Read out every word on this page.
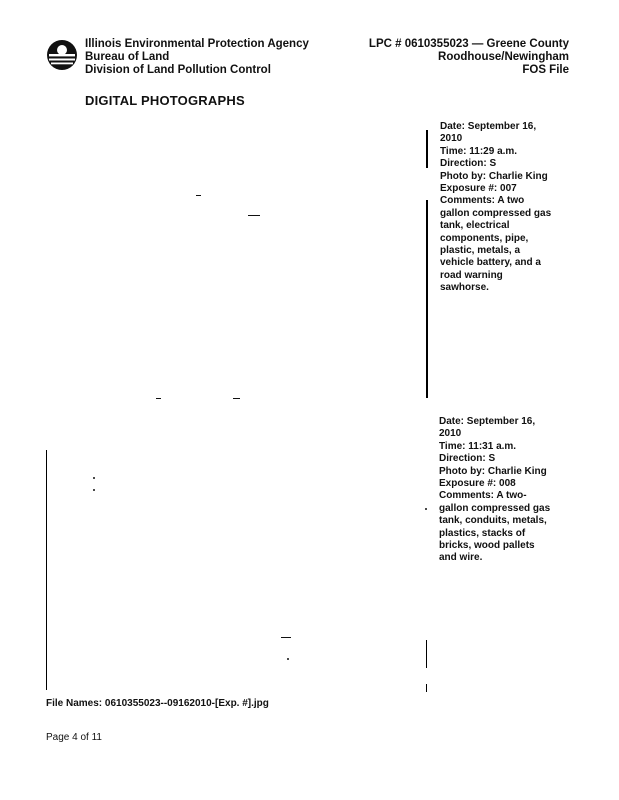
Illinois Environmental Protection Agency
Bureau of Land
Division of Land Pollution Control
LPC # 0610355023 — Greene County
Roodhouse/Newingham
FOS File
DIGITAL PHOTOGRAPHS
Date: September 16,
2010
Time: 11:29 a.m.
Direction: S
Photo by: Charlie King
Exposure #: 007
Comments: A two
gallon compressed gas
tank, electrical
components, pipe,
plastic, metals, a
vehicle battery, and a
road warning
sawhorse.
Date: September 16,
2010
Time: 11:31 a.m.
Direction: S
Photo by: Charlie King
Exposure #: 008
Comments: A two-
gallon compressed gas
tank, conduits, metals,
plastics, stacks of
bricks, wood pallets
and wire.
File Names: 0610355023--09162010-[Exp. #].jpg
Page 4 of 11
